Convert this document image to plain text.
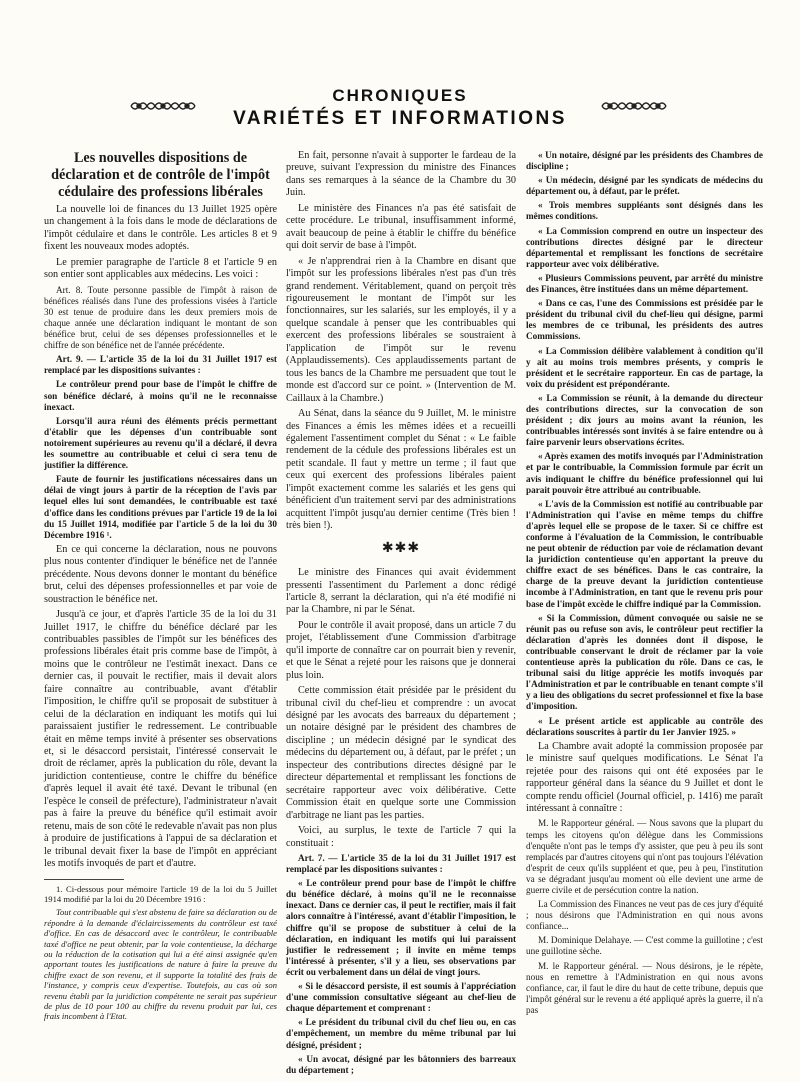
CHRONIQUES
VARIÉTÉS ET INFORMATIONS

Les nouvelles dispositions de déclaration et de contrôle de l'impôt cédulaire des professions libérales

La nouvelle loi de finances du 13 Juillet 1925 opère un changement à la fois dans le mode de déclarations de l'impôt cédulaire et dans le contrôle. Les articles 8 et 9 fixent les nouveaux modes adoptés.

Le premier paragraphe de l'article 8 et l'article 9 en son entier sont applicables aux médecins. Les voici :

Art. 8. Toute personne passible de l'impôt à raison de bénéfices réalisés dans l'une des professions visées à l'article 30 est tenue de produire dans les deux premiers mois de chaque année une déclaration indiquant le montant de son bénéfice brut, celui de ses dépenses professionnelles et le chiffre de son bénéfice net de l'année précédente.

Art. 9. — L'article 35 de la loi du 31 Juillet 1917 est remplacé par les dispositions suivantes :

Le contrôleur prend pour base de l'impôt le chiffre de son bénéfice déclaré, à moins qu'il ne le reconnaisse inexact.

Lorsqu'il aura réuni des éléments précis permettant d'établir que les dépenses d'un contribuable sont notoirement supérieures au revenu qu'il a déclaré, il devra les soumettre au contribuable et celui ci sera tenu de justifier la différence.

Faute de fournir les justifications nécessaires dans un délai de vingt jours à partir de la réception de l'avis par lequel elles lui sont demandées, le contribuable est taxé d'office dans les conditions prévues par l'article 19 de la loi du 15 Juillet 1914, modifiée par l'article 5 de la loi du 30 Décembre 1916 ¹.

En ce qui concerne la déclaration, nous ne pouvons plus nous contenter d'indiquer le bénéfice net de l'année précédente. Nous devons donner le montant du bénéfice brut, celui des dépenses professionnelles et par voie de soustraction le bénéfice net.

Jusqu'à ce jour, et d'après l'article 35 de la loi du 31 Juillet 1917, le chiffre du bénéfice déclaré par les contribuables passibles de l'impôt sur les bénéfices des professions libérales était pris comme base de l'impôt, à moins que le contrôleur ne l'estimât inexact. Dans ce dernier cas, il pouvait le rectifier, mais il devait alors faire connaître au contribuable, avant d'établir l'imposition, le chiffre qu'il se proposait de substituer à celui de la déclaration en indiquant les motifs qui lui paraissaient justifier le redressement. Le contribuable était en même temps invité à présenter ses observations et, si le désaccord persistait, l'intéressé conservait le droit de réclamer, après la publication du rôle, devant la juridiction contentieuse, contre le chiffre du bénéfice d'après lequel il avait été taxé. Devant le tribunal (en l'espèce le conseil de préfecture), l'administrateur n'avait pas à faire la preuve du bénéfice qu'il estimait avoir retenu, mais de son côté le redevable n'avait pas non plus à produire de justifications à l'appui de sa déclaration et le tribunal devait fixer la base de l'impôt en appréciant les motifs invoqués de part et d'autre.

1. Ci-dessous pour mémoire l'article 19 de la loi du 5 Juillet 1914 modifié par la loi du 20 Décembre 1916 :

Tout contribuable qui s'est abstenu de faire sa déclaration ou de répondre à la demande d'éclaircissements du contrôleur est taxé d'office. En cas de désaccord avec le contrôleur, le contribuable taxé d'office ne peut obtenir, par la voie contentieuse, la décharge ou la réduction de la cotisation qui lui a été ainsi assignée qu'en apportant toutes les justifications de nature à faire la preuve du chiffre exact de son revenu, et il supporte la totalité des frais de l'instance, y compris ceux d'expertise. Toutefois, au cas où son revenu établi par la juridiction compétente ne serait pas supérieur de plus de 10 pour 100 au chiffre du revenu produit par lui, ces frais incombent à l'Etat.

En fait, personne n'avait à supporter le fardeau de la preuve, suivant l'expression du ministre des Finances dans ses remarques à la séance de la Chambre du 30 Juin.

Le ministère des Finances n'a pas été satisfait de cette procédure. Le tribunal, insuffisamment informé, avait beaucoup de peine à établir le chiffre du bénéfice qui doit servir de base à l'impôt.

« Je n'apprendrai rien à la Chambre en disant que l'impôt sur les professions libérales n'est pas d'un très grand rendement. Véritablement, quand on perçoit très rigoureusement le montant de l'impôt sur les fonctionnaires, sur les salariés, sur les employés, il y a quelque scandale à penser que les contribuables qui exercent des professions libérales se soustraient à l'application de l'impôt sur le revenu (Applaudissements). Ces applaudissements partant de tous les bancs de la Chambre me persuadent que tout le monde est d'accord sur ce point. » (Intervention de M. Caillaux à la Chambre.)

Au Sénat, dans la séance du 9 Juillet, M. le ministre des Finances a émis les mêmes idées et a recueilli également l'assentiment complet du Sénat : « Le faible rendement de la cédule des professions libérales est un petit scandale. Il faut y mettre un terme ; il faut que ceux qui exercent des professions libérales paient l'impôt exactement comme les salariés et les gens qui bénéficient d'un traitement servi par des administrations acquittent l'impôt jusqu'au dernier centime (Très bien ! très bien !).

✱✱✱

Le ministre des Finances qui avait évidemment pressenti l'assentiment du Parlement a donc rédigé l'article 8, serrant la déclaration, qui n'a été modifié ni par la Chambre, ni par le Sénat.

Pour le contrôle il avait proposé, dans un article 7 du projet, l'établissement d'une Commission d'arbitrage qu'il importe de connaître car on pourrait bien y revenir, et que le Sénat a rejeté pour les raisons que je donnerai plus loin.

Cette commission était présidée par le président du tribunal civil du chef-lieu et comprendre : un avocat désigné par les avocats des barreaux du département ; un notaire désigné par le président des chambres de discipline ; un médecin désigné par le syndicat des médecins du département ou, à défaut, par le préfet ; un inspecteur des contributions directes désigné par le directeur départemental et remplissant les fonctions de secrétaire rapporteur avec voix délibérative. Cette Commission était en quelque sorte une Commission d'arbitrage ne liant pas les parties.

Voici, au surplus, le texte de l'article 7 qui la constituait :

Art. 7. — L'article 35 de la loi du 31 Juillet 1917 est remplacé par les dispositions suivantes :

« Le contrôleur prend pour base de l'impôt le chiffre du bénéfice déclaré, à moins qu'il ne le reconnaisse inexact. Dans ce dernier cas, il peut le rectifier, mais il fait alors connaître à l'intéressé, avant d'établir l'imposition, le chiffre qu'il se propose de substituer à celui de la déclaration, en indiquant les motifs qui lui paraissent justifier le redressement ; il invite en même temps l'intéressé à présenter, s'il y a lieu, ses observations par écrit ou verbalement dans un délai de vingt jours.

« Si le désaccord persiste, il est soumis à l'appréciation d'une commission consultative siégeant au chef-lieu de chaque département et comprenant :

« Le président du tribunal civil du chef lieu ou, en cas d'empêchement, un membre du même tribunal par lui désigné, président ;

« Un avocat, désigné par les bâtonniers des barreaux du département ;

« Un notaire, désigné par les présidents des Chambres de discipline ;

« Un médecin, désigné par les syndicats de médecins du département ou, à défaut, par le préfet.

« Trois membres suppléants sont désignés dans les mêmes conditions.

« La Commission comprend en outre un inspecteur des contributions directes désigné par le directeur départemental et remplissant les fonctions de secrétaire rapporteur avec voix délibérative.

« Plusieurs Commissions peuvent, par arrêté du ministre des Finances, être instituées dans un même département.

« Dans ce cas, l'une des Commissions est présidée par le président du tribunal civil du chef-lieu qui désigne, parmi les membres de ce tribunal, les présidents des autres Commissions.

« La Commission délibère valablement à condition qu'il y ait au moins trois membres présents, y compris le président et le secrétaire rapporteur. En cas de partage, la voix du président est prépondérante.

« La Commission se réunit, à la demande du directeur des contributions directes, sur la convocation de son président ; dix jours au moins avant la réunion, les contribuables intéressés sont invités à se faire entendre ou à faire parvenir leurs observations écrites.

« Après examen des motifs invoqués par l'Administration et par le contribuable, la Commission formule par écrit un avis indiquant le chiffre du bénéfice professionnel qui lui parait pouvoir être attribué au contribuable.

« L'avis de la Commission est notifié au contribuable par l'Administration qui l'avise en même temps du chiffre d'après lequel elle se propose de le taxer. Si ce chiffre est conforme à l'évaluation de la Commission, le contribuable ne peut obtenir de réduction par voie de réclamation devant la juridiction contentieuse qu'en apportant la preuve du chiffre exact de ses bénéfices. Dans le cas contraire, la charge de la preuve devant la juridiction contentieuse incombe à l'Administration, en tant que le revenu pris pour base de l'impôt excède le chiffre indiqué par la Commission.

« Si la Commission, dûment convoquée ou saisie ne se réunit pas ou refuse son avis, le contrôleur peut rectifier la déclaration d'après les données dont il dispose, le contribuable conservant le droit de réclamer par la voie contentieuse après la publication du rôle. Dans ce cas, le tribunal saisi du litige apprécie les motifs invoqués par l'Administration et par le contribuable en tenant compte s'il y a lieu des obligations du secret professionnel et fixe la base d'imposition.

« Le présent article est applicable au contrôle des déclarations souscrites à partir du 1er Janvier 1925. »

La Chambre avait adopté la commission proposée par le ministre sauf quelques modifications. Le Sénat l'a rejetée pour des raisons qui ont été exposées par le rapporteur général dans la séance du 9 Juillet et dont le compte rendu officiel (Journal officiel, p. 1416) me paraît intéressant à connaître :

M. le Rapporteur général. — Nous savons que la plupart du temps les citoyens qu'on délègue dans les Commissions d'enquête n'ont pas le temps d'y assister, que peu à peu ils sont remplacés par d'autres citoyens qui n'ont pas toujours l'élévation d'esprit de ceux qu'ils suppléent et que, peu à peu, l'institution va se dégradant jusqu'au moment où elle devient une arme de guerre civile et de persécution contre la nation.

La Commission des Finances ne veut pas de ces jury d'équité ; nous désirons que l'Administration en qui nous avons confiance...

M. Dominique Delahaye. — C'est comme la guillotine ; c'est une guillotine sèche.

M. le Rapporteur général. — Nous désirons, je le répète, nous en remettre à l'Administration en qui nous avons confiance, car, il faut le dire du haut de cette tribune, depuis que l'impôt général sur le revenu a été appliqué après la guerre, il n'a pas
